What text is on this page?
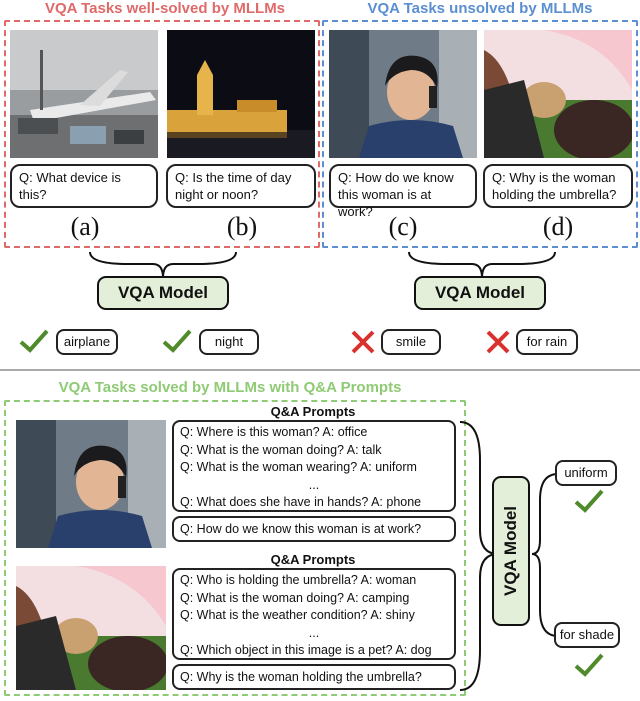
VQA Tasks well-solved by MLLMs
Q: What device is this?
Q: Is the time of day night or noon?
(a)	(b)
VQA Tasks unsolved by MLLMs
Q: How do we know this woman is at work?
Q: Why is the woman holding the umbrella?
(c)	(d)
VQA Model	VQA Model
airplane	night	smile	for rain
VQA Tasks solved by MLLMs with Q&A Prompts
Q&A Prompts
Q: Where is this woman? A: office
Q: What is the woman doing? A: talk
Q: What is the woman wearing? A: uniform
...
Q: What does she have in hands? A: phone
Q: How do we know this woman is at work?
Q&A Prompts
Q: Who is holding the umbrella? A: woman
Q: What is the woman doing? A: camping
Q: What is the weather condition? A: shiny
...
Q: Which object in this image is a pet? A: dog
Q: Why is the woman holding the umbrella?
VQA Model
uniform
for shade
